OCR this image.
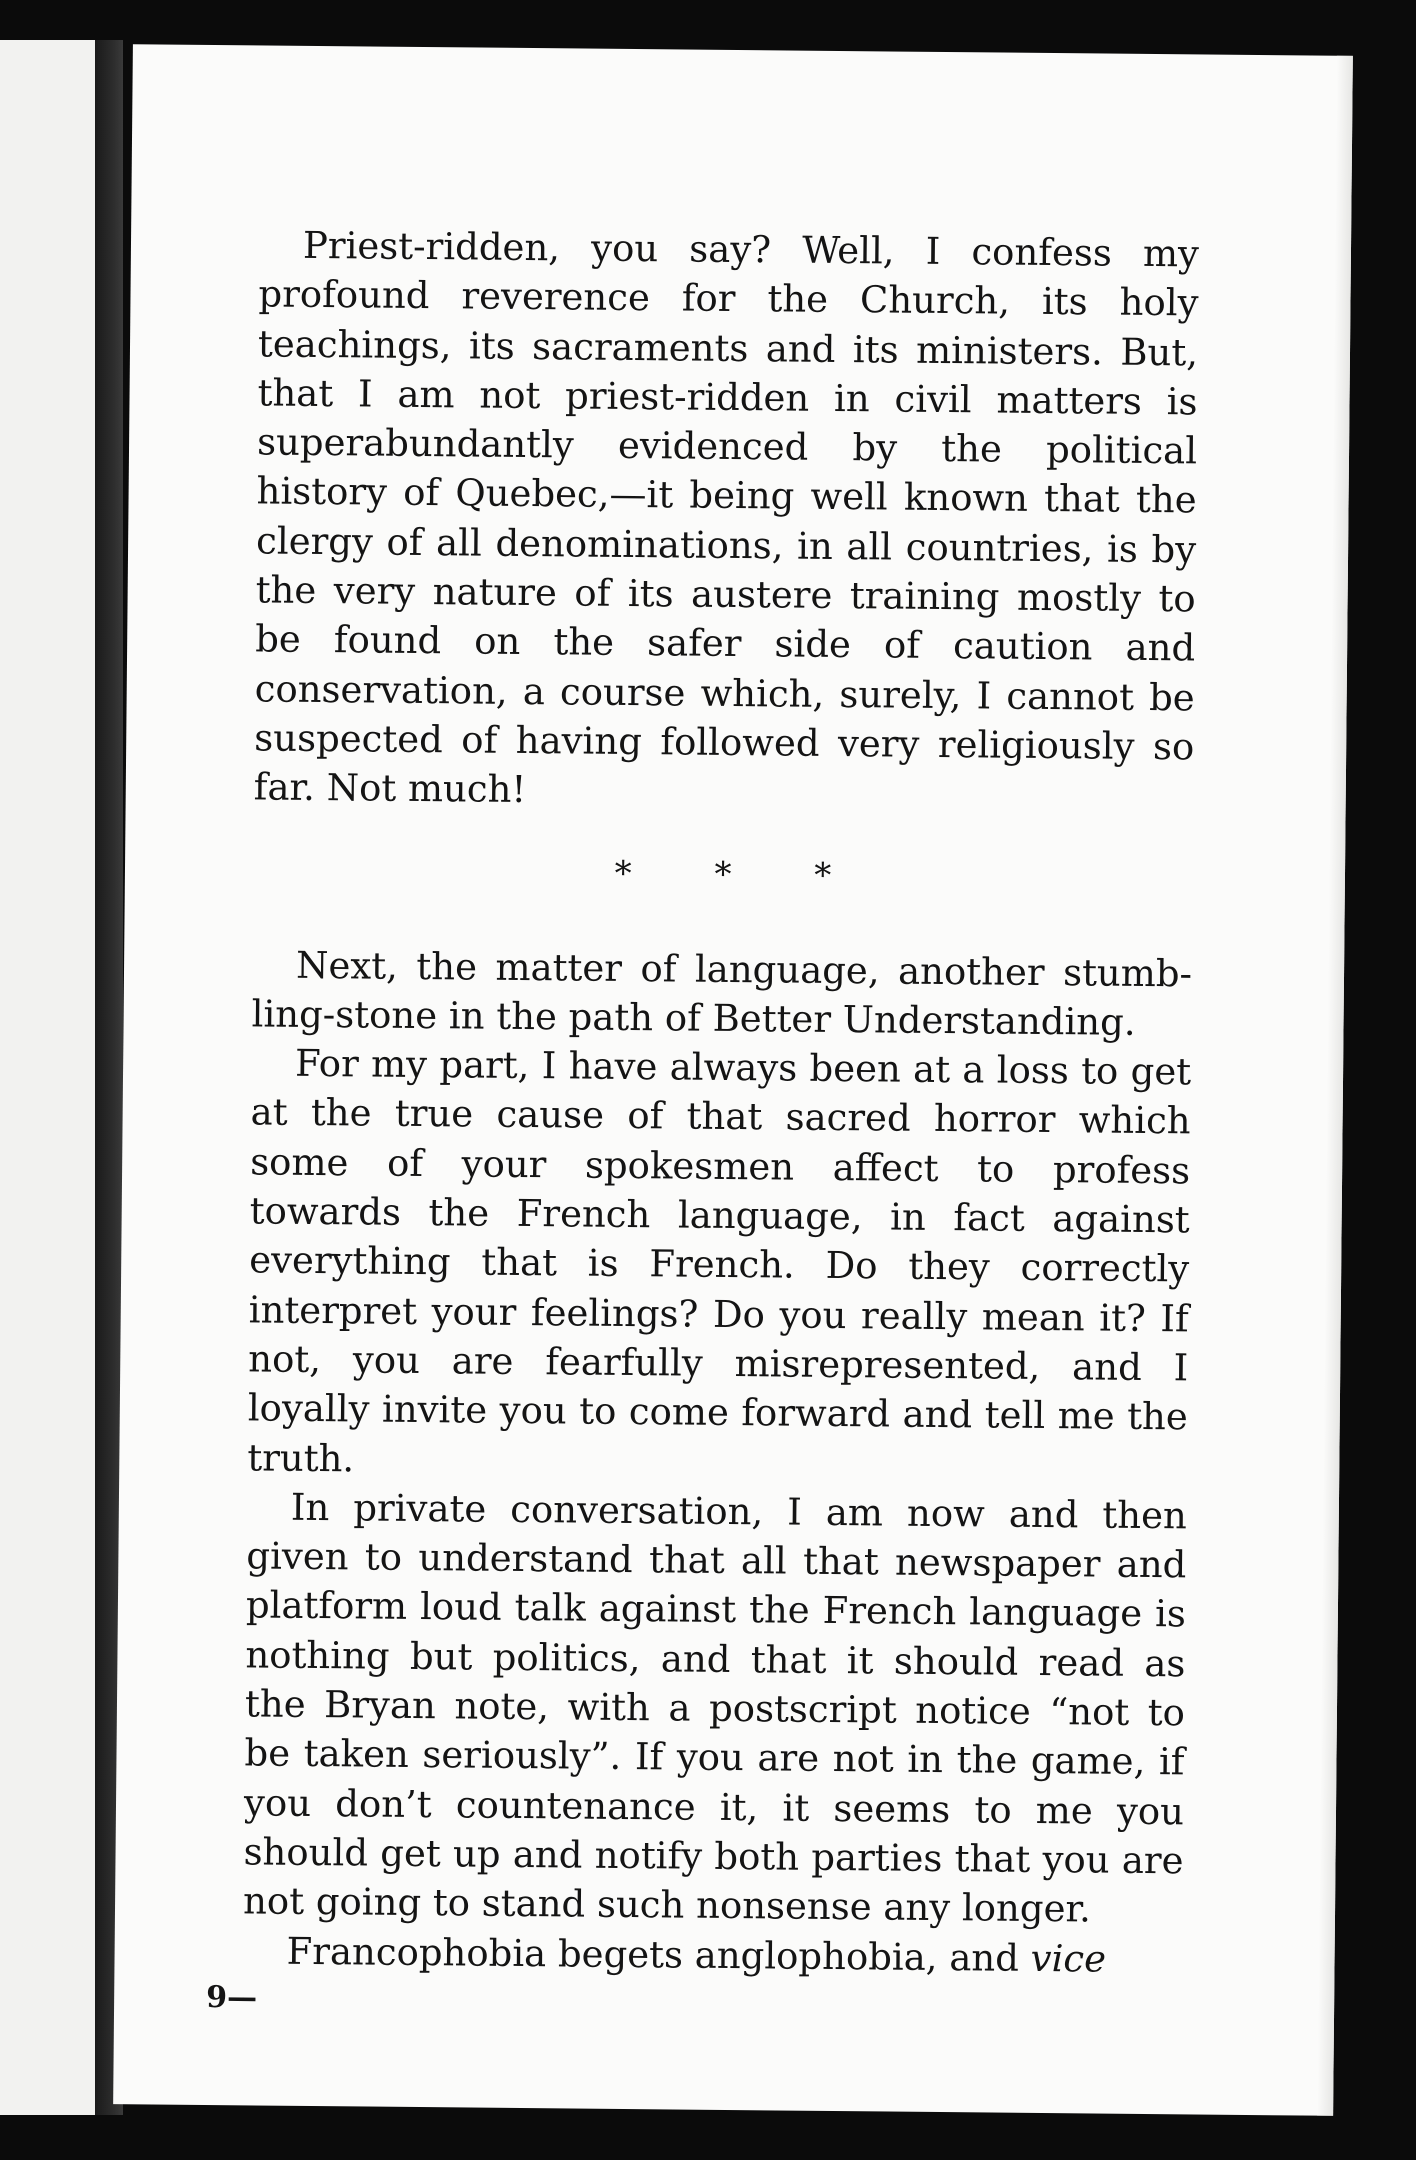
Priest-ridden, you say? Well, I confess my profound reverence for the Church, its holy teachings, its sacraments and its ministers. But, that I am not priest-ridden in civil matters is superabundantly evidenced by the political history of Quebec,—it being well known that the clergy of all denominations, in all countries, is by the very nature of its austere training mostly to be found on the safer side of caution and conservation, a course which, surely, I cannot be suspected of having followed very religiously so far. Not much!

* * *

Next, the matter of language, another stumbling-stone in the path of Better Understanding.

For my part, I have always been at a loss to get at the true cause of that sacred horror which some of your spokesmen affect to profess towards the French language, in fact against everything that is French. Do they correctly interpret your feelings? Do you really mean it? If not, you are fearfully misrepresented, and I loyally invite you to come forward and tell me the truth.

In private conversation, I am now and then given to understand that all that newspaper and platform loud talk against the French language is nothing but politics, and that it should read as the Bryan note, with a postscript notice “not to be taken seriously”. If you are not in the game, if you don’t countenance it, it seems to me you should get up and notify both parties that you are not going to stand such nonsense any longer.

Francophobia begets anglophobia, and vice

9—
